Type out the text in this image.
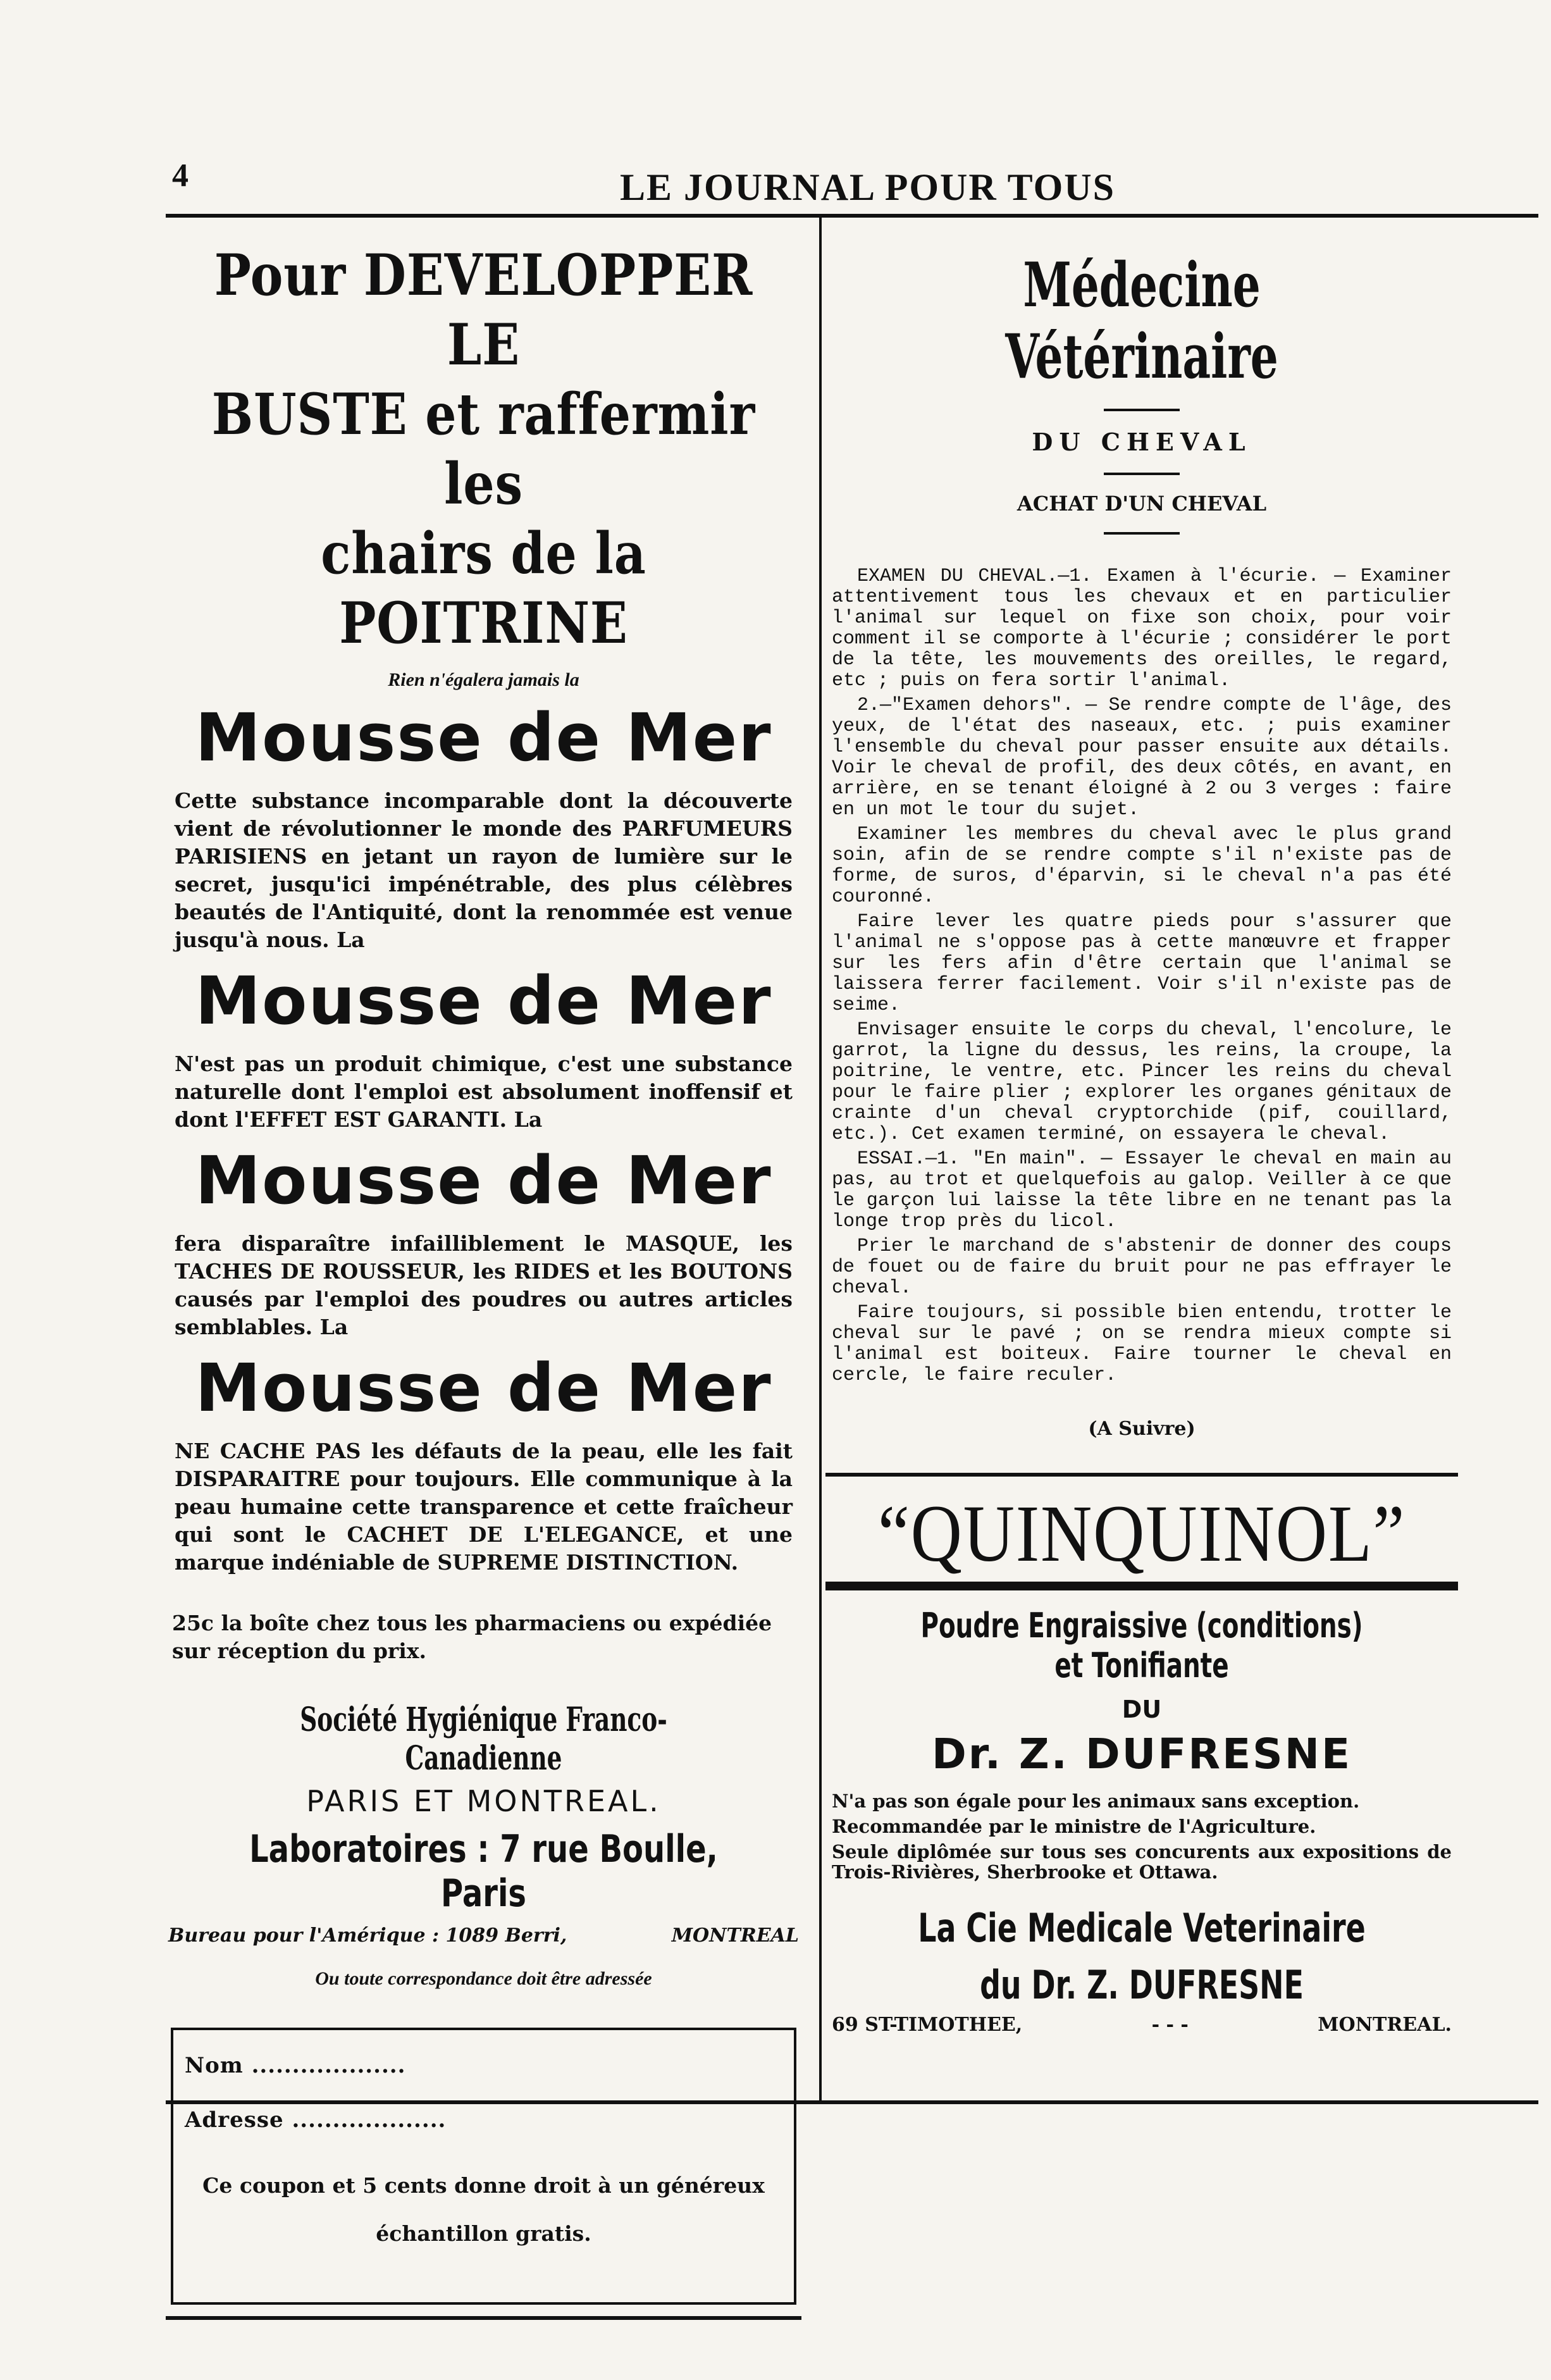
4	LE JOURNAL POUR TOUS
Pour DEVELOPPER LE
BUSTE et raffermir les
chairs de la POITRINE
Rien n'égalera jamais la
Mousse de Mer
Cette substance incomparable dont la découverte vient de révolutionner le monde des PARFUMEURS PARISIENS en jetant un rayon de lumière sur le secret, jusqu'ici impénétrable, des plus célèbres beautés de l'Antiquité, dont la renommée est venue jusqu'à nous. La
Mousse de Mer
N'est pas un produit chimique, c'est une substance naturelle dont l'emploi est absolument inoffensif et dont l'EFFET EST GARANTI. La
Mousse de Mer
fera disparaître infailliblement le MASQUE, les TACHES DE ROUSSEUR, les RIDES et les BOUTONS causés par l'emploi des poudres ou autres articles semblables. La
Mousse de Mer
NE CACHE PAS les défauts de la peau, elle les fait DISPARAITRE pour toujours. Elle communique à la peau humaine cette transparence et cette fraîcheur qui sont le CACHET DE L'ELEGANCE, et une marque indéniable de SUPREME DISTINCTION.
25c la boîte chez tous les pharmaciens ou expédiée sur réception du prix.
Société Hygiénique Franco-Canadienne
PARIS ET MONTREAL.
Laboratoires : 7 rue Boulle, Paris
Bureau pour l'Amérique : 1089 Berri,	MONTREAL
Ou toute correspondance doit être adressée
Nom ...................
Adresse ...................
Ce coupon et 5 cents donne droit à un généreux échantillon gratis.
Médecine Vétérinaire
DU CHEVAL
ACHAT D'UN CHEVAL

EXAMEN DU CHEVAL.—1. Examen à l'écurie. — Examiner attentivement tous les chevaux et en particulier l'animal sur lequel on fixe son choix, pour voir comment il se comporte à l'écurie ; considérer le port de la tête, les mouvements des oreilles, le regard, etc ; puis on fera sortir l'animal.

2.—"Examen dehors". — Se rendre compte de l'âge, des yeux, de l'état des naseaux, etc. ; puis examiner l'ensemble du cheval pour passer ensuite aux détails. Voir le cheval de profil, des deux côtés, en avant, en arrière, en se tenant éloigné à 2 ou 3 verges : faire en un mot le tour du sujet.

Examiner les membres du cheval avec le plus grand soin, afin de se rendre compte s'il n'existe pas de forme, de suros, d'éparvin, si le cheval n'a pas été couronné.

Faire lever les quatre pieds pour s'assurer que l'animal ne s'oppose pas à cette manœuvre et frapper sur les fers afin d'être certain que l'animal se laissera ferrer facilement. Voir s'il n'existe pas de seime.

Envisager ensuite le corps du cheval, l'encolure, le garrot, la ligne du dessus, les reins, la croupe, la poitrine, le ventre, etc. Pincer les reins du cheval pour le faire plier ; explorer les organes génitaux de crainte d'un cheval cryptorchide (pif, couillard, etc.). Cet examen terminé, on essayera le cheval.

ESSAI.—1. "En main". — Essayer le cheval en main au pas, au trot et quelquefois au galop. Veiller à ce que le garçon lui laisse la tête libre en ne tenant pas la longe trop près du licol.

Prier le marchand de s'abstenir de donner des coups de fouet ou de faire du bruit pour ne pas effrayer le cheval.

Faire toujours, si possible bien entendu, trotter le cheval sur le pavé ; on se rendra mieux compte si l'animal est boiteux. Faire tourner le cheval en cercle, le faire reculer.

(A Suivre)
“QUINQUINOL”
Poudre Engraissive (conditions) et Tonifiante
DU
Dr. Z. DUFRESNE

N'a pas son égale pour les animaux sans exception.

Recommandée par le ministre de l'Agriculture.

Seule diplômée sur tous ses concurents aux expositions de Trois-Rivières, Sherbrooke et Ottawa.

La Cie Medicale Veterinaire
du Dr. Z. DUFRESNE
69 ST-TIMOTHEE,	- - -	MONTREAL.
